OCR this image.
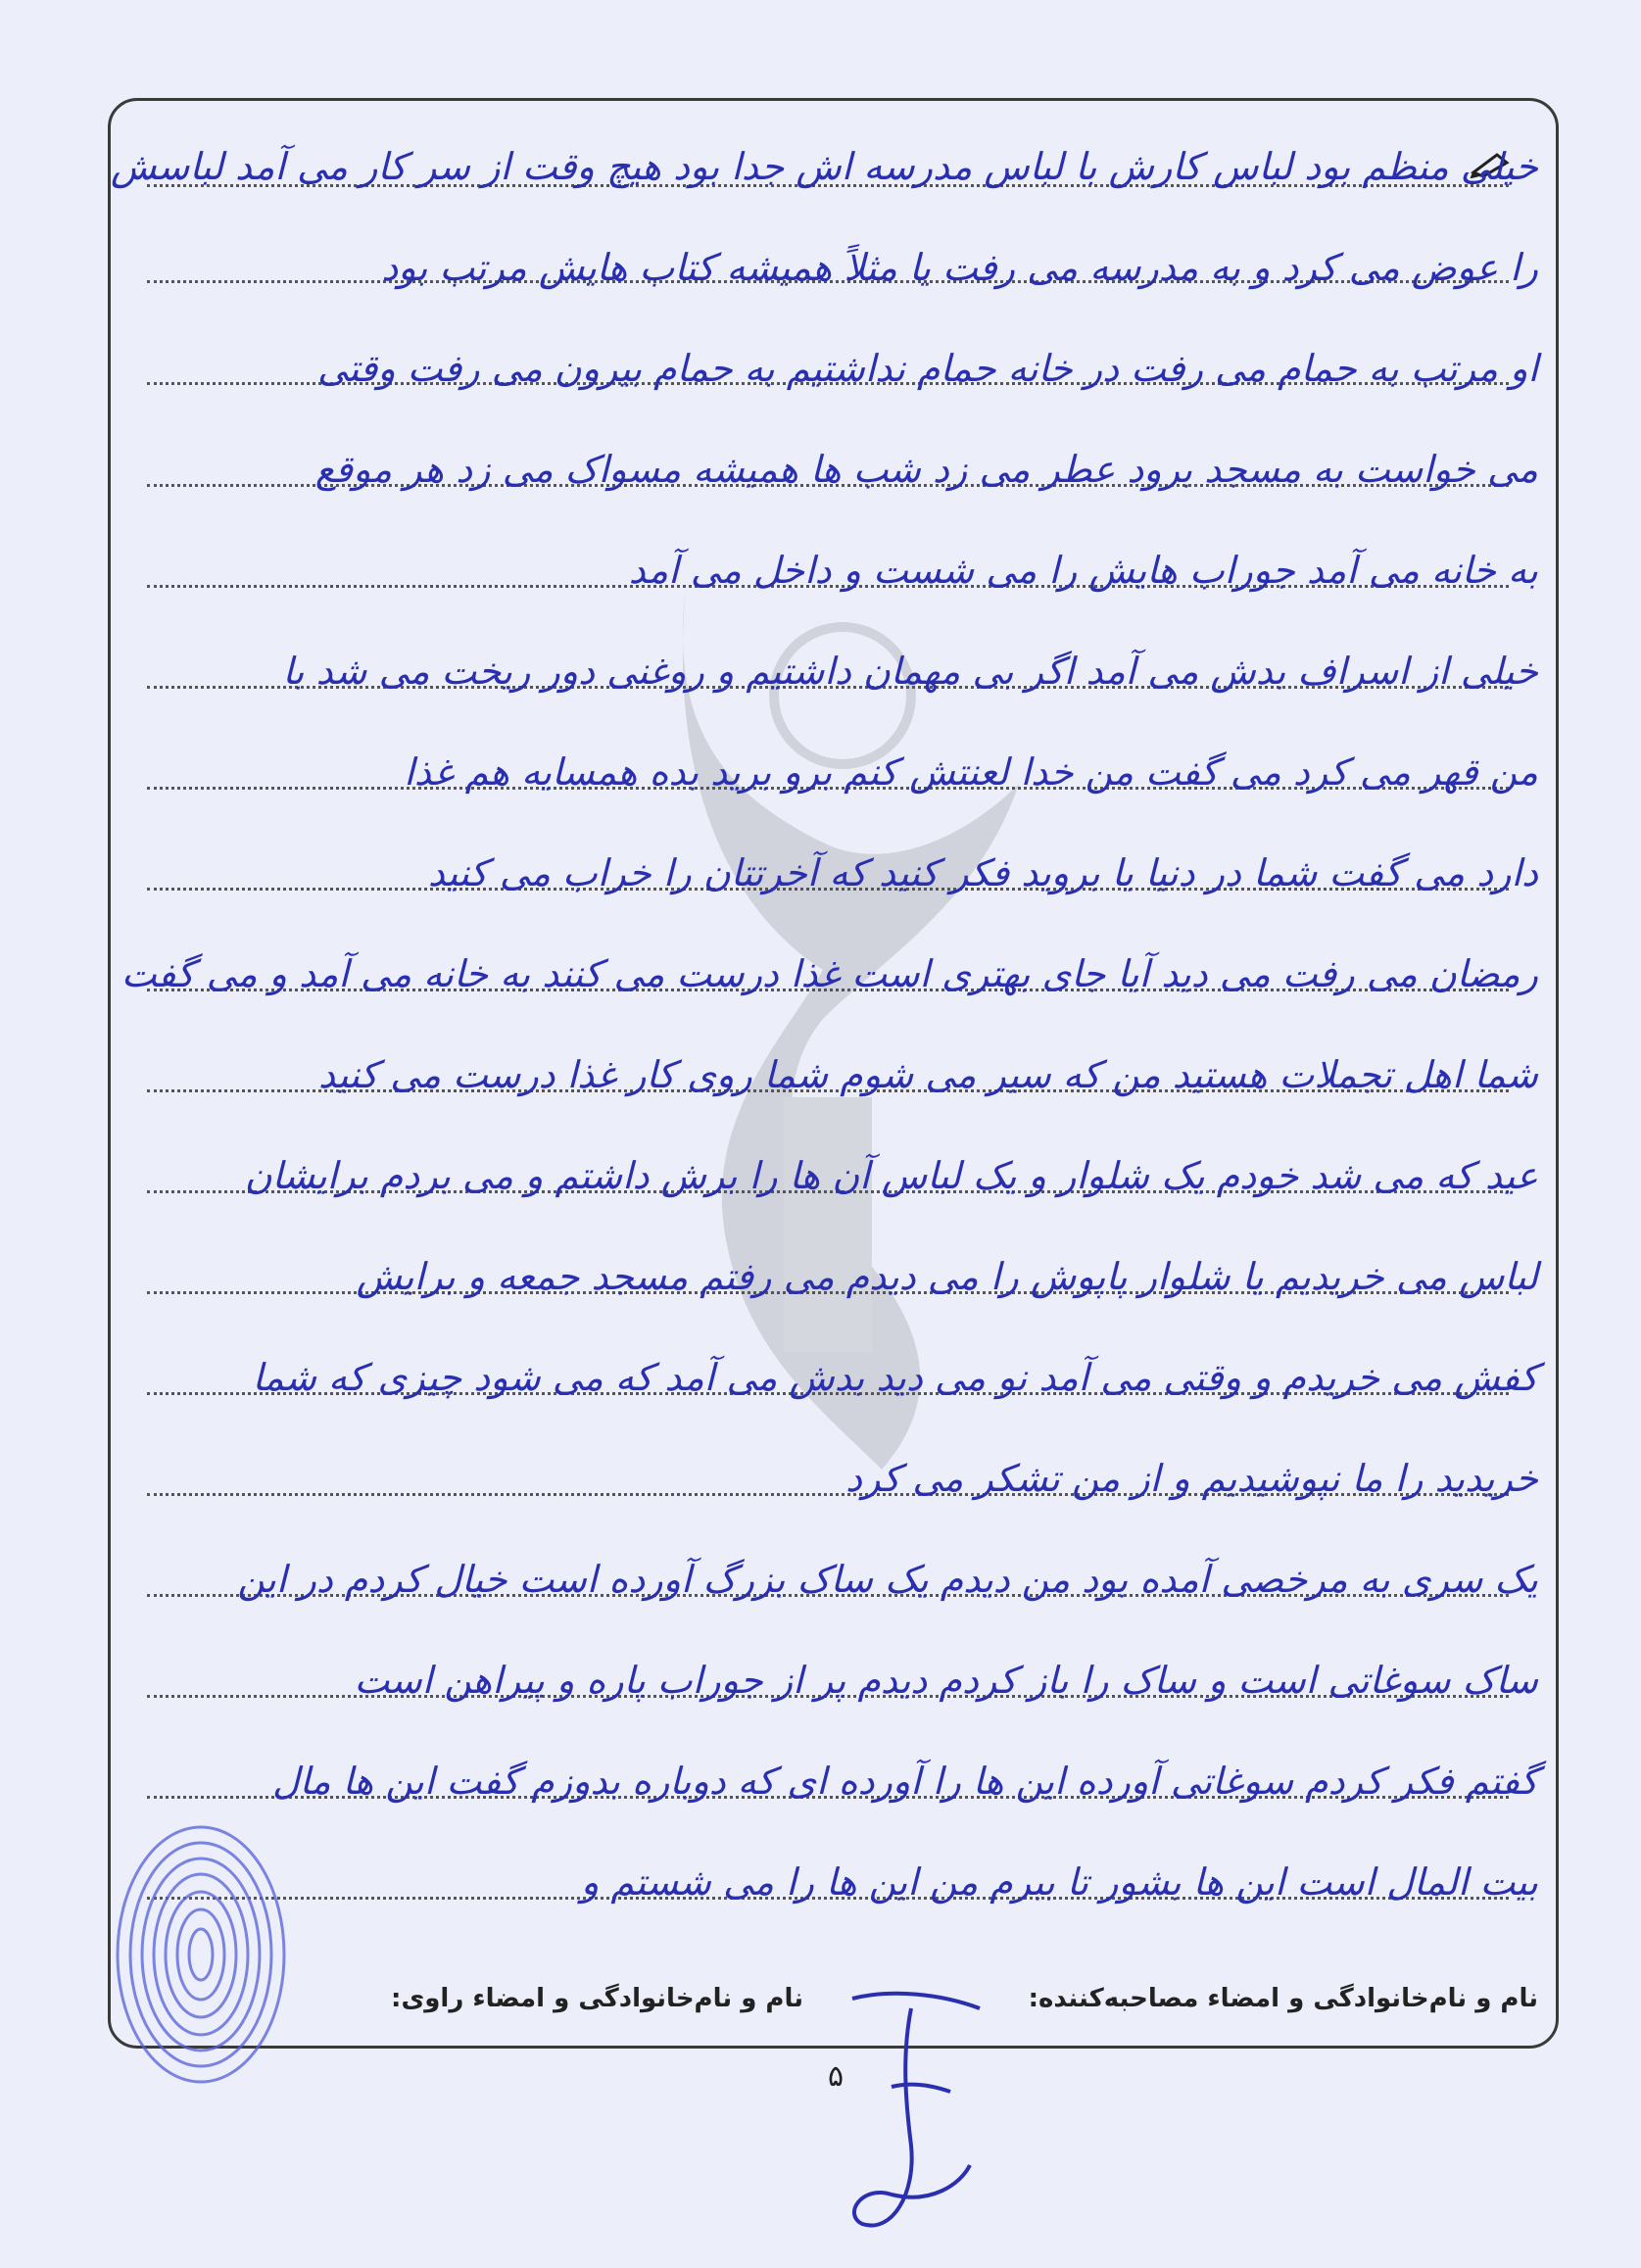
خیلی منظم بود لباس کارش با لباس مدرسه اش جدا بود هیچ وقت از سر کار می آمد لباسش
را عوض می کرد و به مدرسه می رفت یا مثلاً همیشه کتاب هایش مرتب بود
او مرتب به حمام می رفت در خانه حمام نداشتیم به حمام بیرون می رفت وقتی
می خواست به مسجد برود عطر می زد شب ها همیشه مسواک می زد هر موقع
به خانه می آمد جوراب هایش را می شست و داخل می آمد
خیلی از اسراف بدش می آمد اگر بی مهمان داشتیم و روغنی دور ریخت می شد با
من قهر می کرد می گفت من خدا لعنتش کنم برو برید بده همسایه هم غذا
دارد می گفت شما در دنیا یا بروید فکر کنید که آخرتتان را خراب می کنید
رمضان می رفت می دید آیا جای بهتری است غذا درست می کنند به خانه می آمد و می گفت
شما اهل تجملات هستید من که سیر می شوم شما روی کار غذا درست می کنید
عید که می شد خودم یک شلوار و یک لباس آن ها را برش داشتم و می بردم برایشان
لباس می خریدیم یا شلوار پاپوش را می دیدم می رفتم مسجد جمعه و برایش
کفش می خریدم و وقتی می آمد نو می دید بدش می آمد که می شود چیزی که شما
خریدید را ما نپوشیدیم و از من تشکر می کرد
یک سری به مرخصی آمده بود من دیدم یک ساک بزرگ آورده است خیال کردم در این
ساک سوغاتی است و ساک را باز کردم دیدم پر از جوراب پاره و پیراهن است
گفتم فکر کردم سوغاتی آورده این ها را آورده ای که دوباره بدوزم گفت این ها مال
بیت المال است این ها بشور تا ببرم من این ها را می شستم و
نام و نام‌خانوادگی و امضاء مصاحبه‌کننده:
نام و نام‌خانوادگی و امضاء راوی:
۵
